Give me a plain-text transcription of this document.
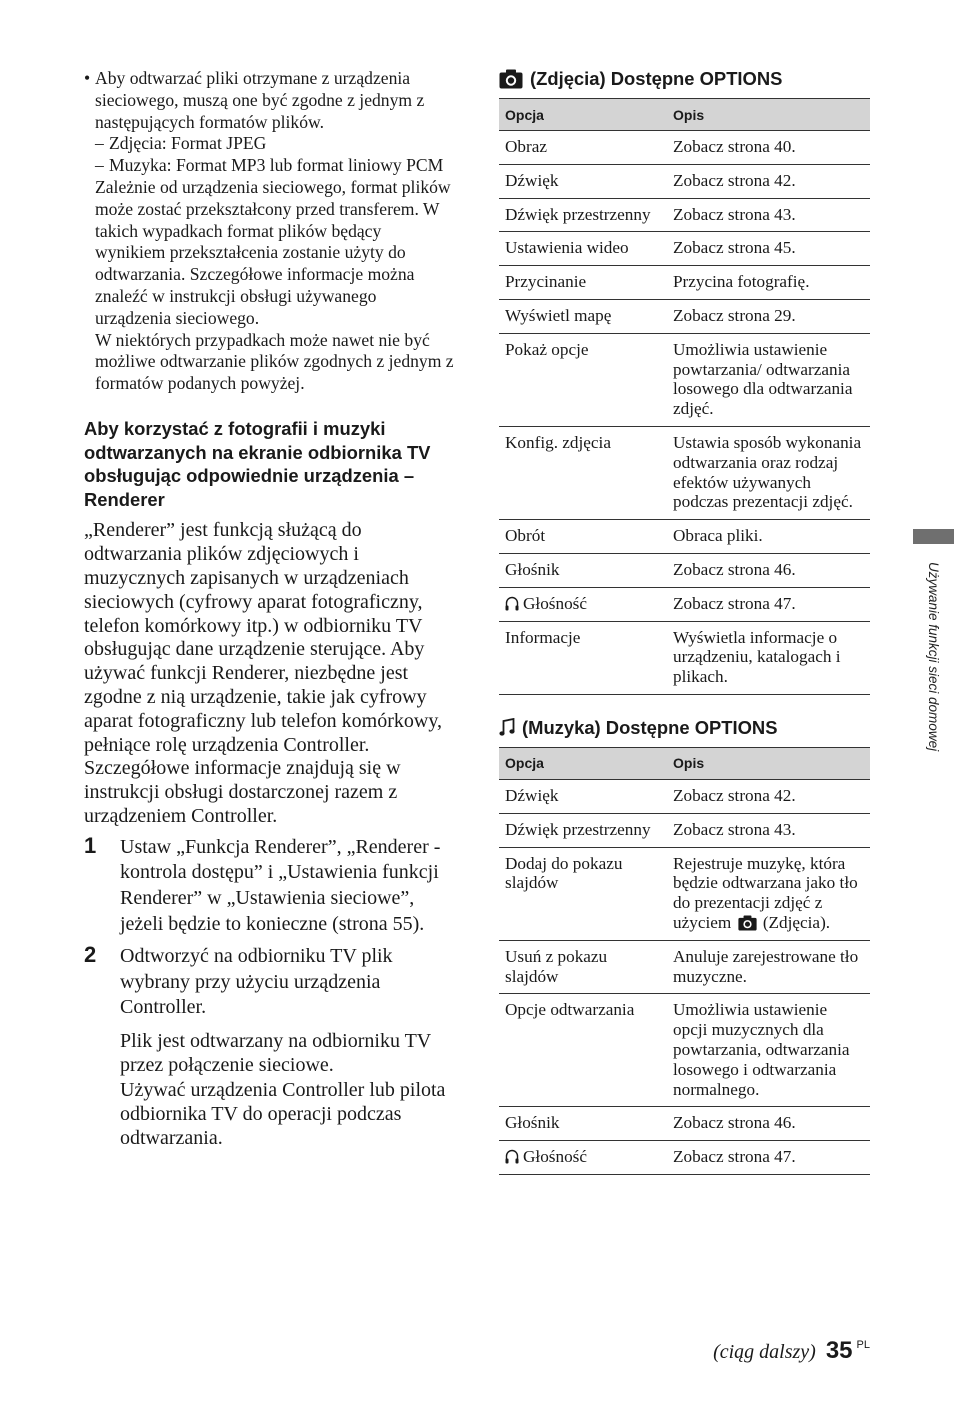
• Aby odtwarzać pliki otrzymane z urządzenia sieciowego, muszą one być zgodne z jednym z następujących formatów plików.
– Zdjęcia: Format JPEG
– Muzyka: Format MP3 lub format liniowy PCM
Zależnie od urządzenia sieciowego, format plików może zostać przekształcony przed transferem. W takich wypadkach format plików będący wynikiem przekształcenia zostanie użyty do odtwarzania. Szczegółowe informacje można znaleźć w instrukcji obsługi używanego urządzenia sieciowego.
W niektórych przypadkach może nawet nie być możliwe odtwarzanie plików zgodnych z jednym z formatów podanych powyżej.
Aby korzystać z fotografii i muzyki odtwarzanych na ekranie odbiornika TV obsługując odpowiednie urządzenia – Renderer

„Renderer” jest funkcją służącą do odtwarzania plików zdjęciowych i muzycznych zapisanych w urządzeniach sieciowych (cyfrowy aparat fotograficzny, telefon komórkowy itp.) w odbiorniku TV obsługując dane urządzenie sterujące. Aby używać funkcji Renderer, niezbędne jest zgodne z nią urządzenie, takie jak cyfrowy aparat fotograficzny lub telefon komórkowy, pełniące rolę urządzenia Controller. Szczegółowe informacje znajdują się w instrukcji obsługi dostarczonej razem z urządzeniem Controller.

1 Ustaw „Funkcja Renderer”, „Renderer - kontrola dostępu” i „Ustawienia funkcji Renderer” w „Ustawienia sieciowe”, jeżeli będzie to konieczne (strona 55).
2 Odtworzyć na odbiorniku TV plik wybrany przy użyciu urządzenia Controller.
Plik jest odtwarzany na odbiorniku TV przez połączenie sieciowe.
Używać urządzenia Controller lub pilota odbiornika TV do operacji podczas odtwarzania.
(Zdjęcia) Dostępne OPTIONS
Opcja	Opis
Obraz	Zobacz strona 40.
Dźwięk	Zobacz strona 42.
Dźwięk przestrzenny	Zobacz strona 43.
Ustawienia wideo	Zobacz strona 45.
Przycinanie	Przycina fotografię.
Wyświetl mapę	Zobacz strona 29.
Pokaż opcje	Umożliwia ustawienie powtarzania/ odtwarzania losowego dla odtwarzania zdjęć.
Konfig. zdjęcia	Ustawia sposób wykonania odtwarzania oraz rodzaj efektów używanych podczas prezentacji zdjęć.
Obrót	Obraca pliki.
Głośnik	Zobacz strona 46.
Głośność	Zobacz strona 47.
Informacje	Wyświetla informacje o urządzeniu, katalogach i plikach.
(Muzyka) Dostępne OPTIONS
Opcja	Opis
Dźwięk	Zobacz strona 42.
Dźwięk przestrzenny	Zobacz strona 43.
Dodaj do pokazu slajdów	Rejestruje muzykę, która będzie odtwarzana jako tło do prezentacji zdjęć z użyciem (Zdjęcia).
Usuń z pokazu slajdów	Anuluje zarejestrowane tło muzyczne.
Opcje odtwarzania	Umożliwia ustawienie opcji muzycznych dla powtarzania, odtwarzania losowego i odtwarzania normalnego.
Głośnik	Zobacz strona 46.
Głośność	Zobacz strona 47.
Używanie funkcji sieci domowej
(ciąg dalszy) 35 PL
